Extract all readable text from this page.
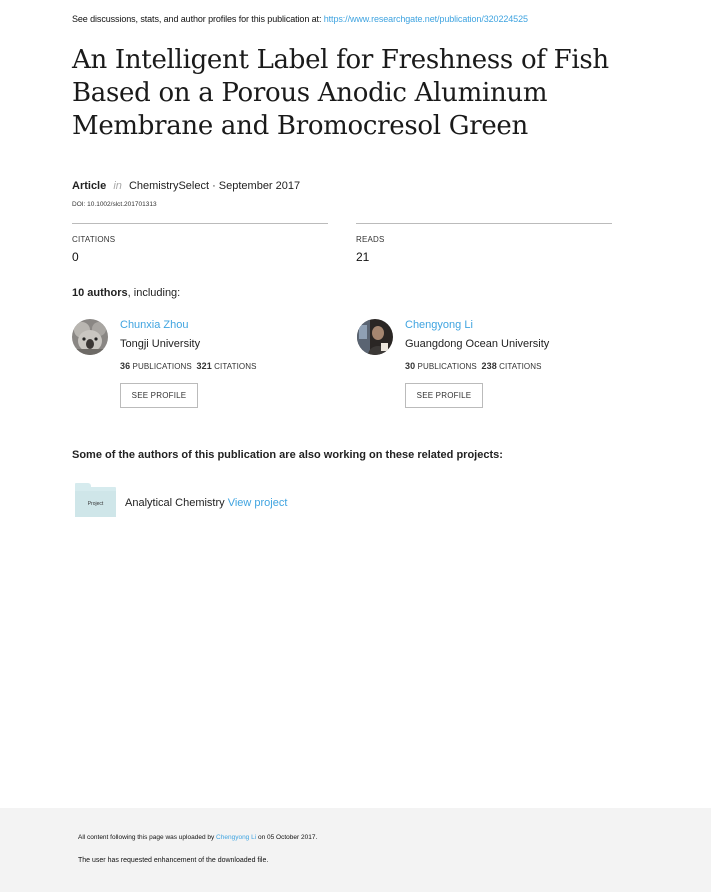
See discussions, stats, and author profiles for this publication at: https://www.researchgate.net/publication/320224525
An Intelligent Label for Freshness of Fish Based on a Porous Anodic Aluminum Membrane and Bromocresol Green
Article in ChemistrySelect · September 2017
DOI: 10.1002/slct.201701313
CITATIONS
0
READS
21
10 authors, including:
Chunxia Zhou
Tongji University
36 PUBLICATIONS 321 CITATIONS
SEE PROFILE
Chengyong Li
Guangdong Ocean University
30 PUBLICATIONS 238 CITATIONS
SEE PROFILE
Some of the authors of this publication are also working on these related projects:
Project	Analytical Chemistry View project
All content following this page was uploaded by Chengyong Li on 05 October 2017.
The user has requested enhancement of the downloaded file.
